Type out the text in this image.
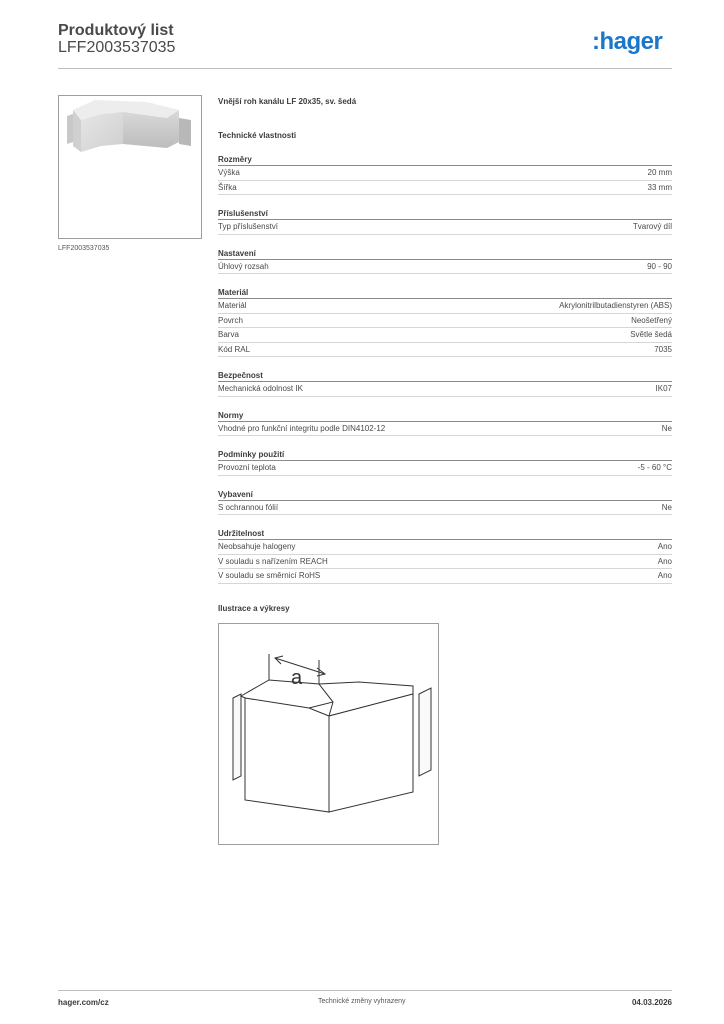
Produktový list
LFF2003537035	:hager
LFF2003537035
Vnější roh kanálu LF 20x35, sv. šedá
Technické vlastnosti
Rozměry
Výška	20 mm
Šířka	33 mm
Příslušenství
Typ příslušenství	Tvarový díl
Nastavení
Úhlový rozsah	90 - 90
Materiál
Materiál	Akrylonitrilbutadienstyren (ABS)
Povrch	Neošetřený
Barva	Světle šedá
Kód RAL	7035
Bezpečnost
Mechanická odolnost IK	IK07
Normy
Vhodné pro funkční integritu podle DIN4102-12	Ne
Podmínky použití
Provozní teplota	-5 - 60 °C
Vybavení
S ochrannou fólií	Ne
Udržitelnost
Neobsahuje halogeny	Ano
V souladu s nařízením REACH	Ano
V souladu se směrnicí RoHS	Ano
Ilustrace a výkresy
a
hager.com/cz	Technické změny vyhrazeny	04.03.2026
